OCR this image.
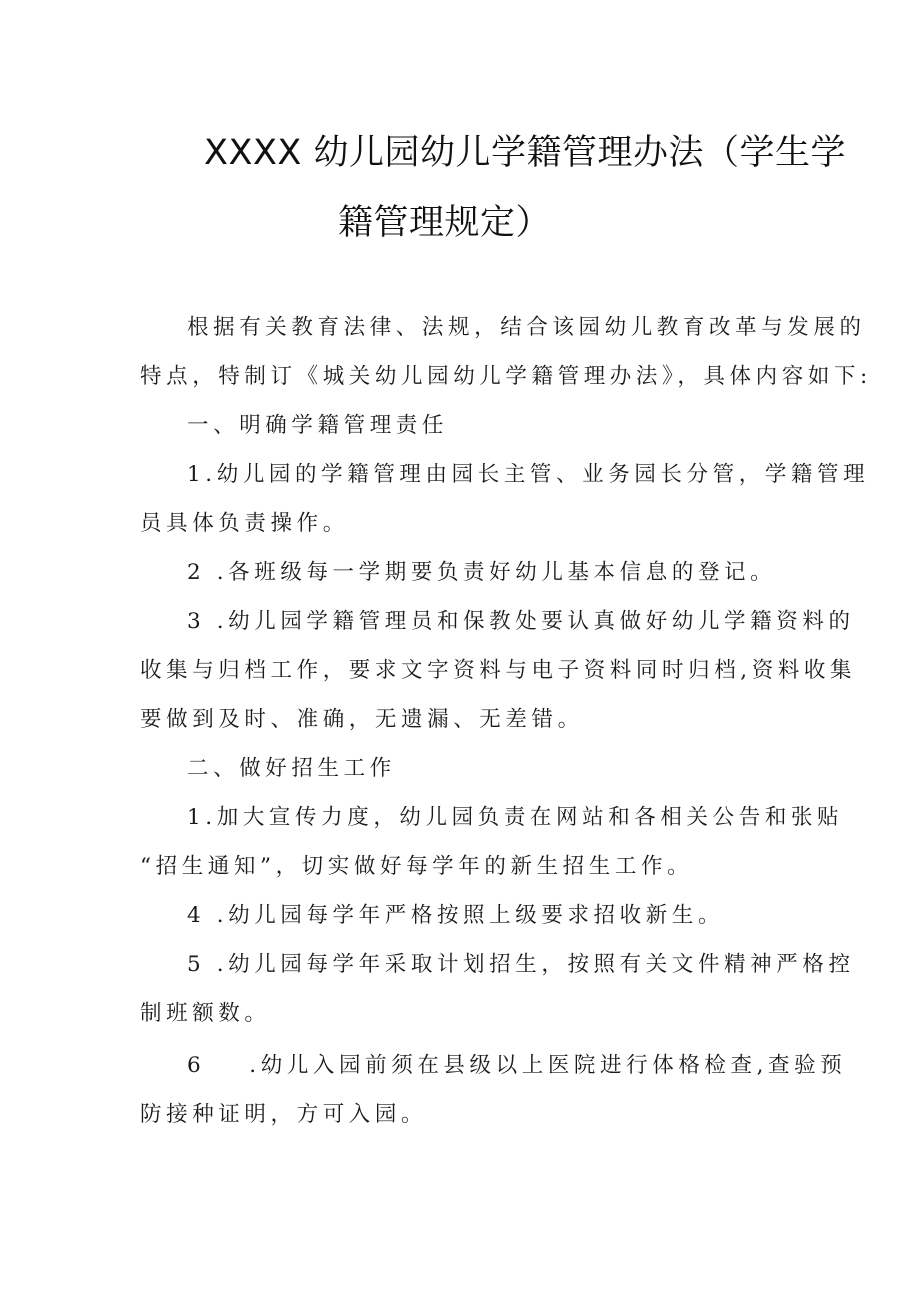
XXXX 幼儿园幼儿学籍管理办法（学生学
籍管理规定）
根据有关教育法律、法规，结合该园幼儿教育改革与发展的
特点，特制订《城关幼儿园幼儿学籍管理办法》，具体内容如下:
一、明确学籍管理责任
1.幼儿园的学籍管理由园长主管、业务园长分管，学籍管理
员具体负责操作。
2 .各班级每一学期要负责好幼儿基本信息的登记。
3 .幼儿园学籍管理员和保教处要认真做好幼儿学籍资料的
收集与归档工作，要求文字资料与电子资料同时归档,资料收集
要做到及时、准确，无遗漏、无差错。
二、做好招生工作
1.加大宣传力度，幼儿园负责在网站和各相关公告和张贴
“招生通知”，切实做好每学年的新生招生工作。
4 .幼儿园每学年严格按照上级要求招收新生。
5 .幼儿园每学年采取计划招生，按照有关文件精神严格控
制班额数。
6 .幼儿入园前须在县级以上医院进行体格检查,查验预
防接种证明，方可入园。
